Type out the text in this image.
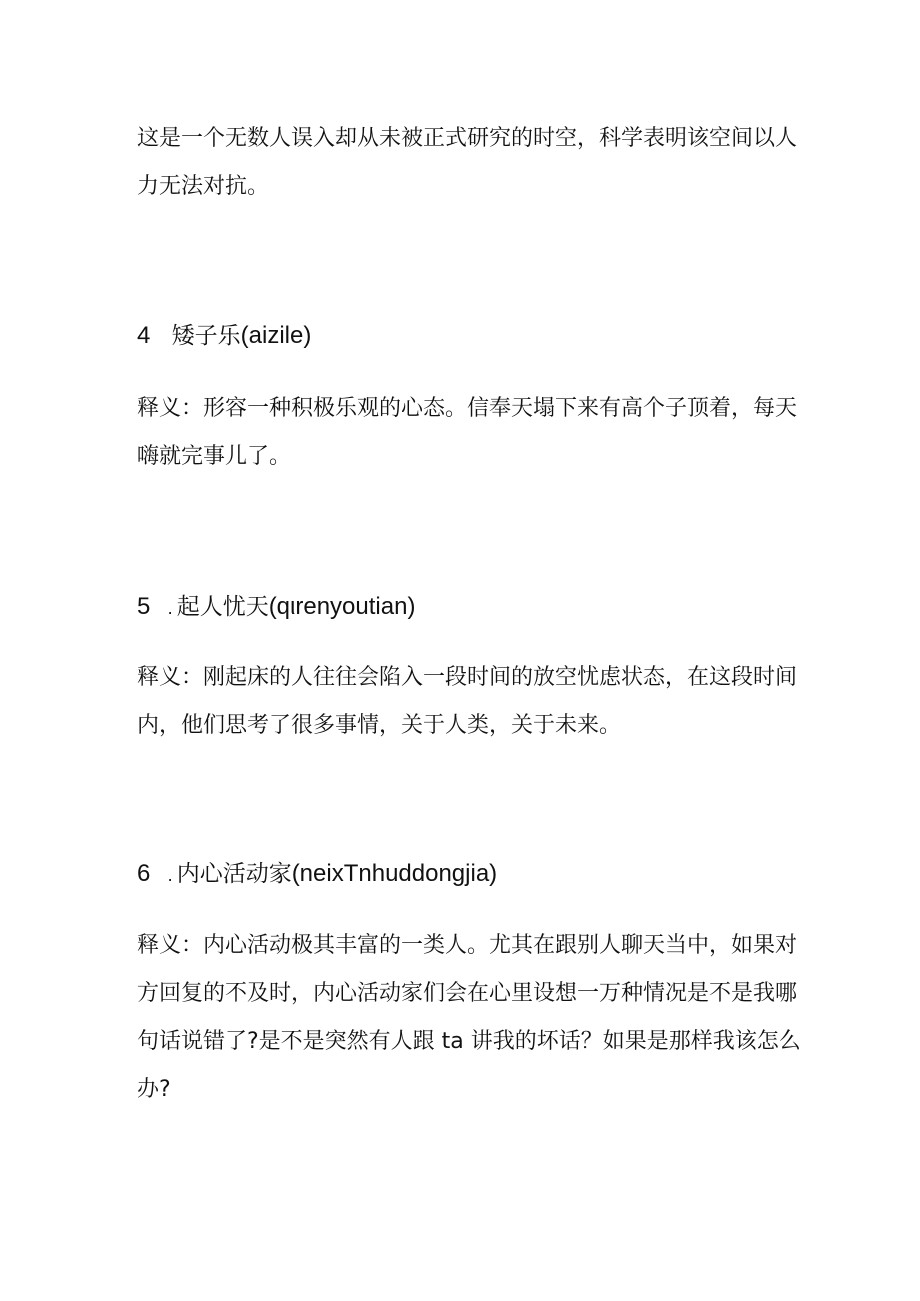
这是一个无数人误入却从未被正式研究的时空，科学表明该空间以人
力无法对抗。
4 矮子乐(aizile)
释义：形容一种积极乐观的心态。信奉天塌下来有高个子顶着，每天
嗨就完事儿了。
5 . 起人忧天(qιrenyoutian)
释义：刚起床的人往往会陷入一段时间的放空忧虑状态，在这段时间
内，他们思考了很多事情，关于人类，关于未来。
6 . 内心活动家(neixTnhuddongjia)
释义：内心活动极其丰富的一类人。尤其在跟别人聊天当中，如果对
方回复的不及时，内心活动家们会在心里设想一万种情况是不是我哪
句话说错了?是不是突然有人跟 ta 讲我的坏话？如果是那样我该怎么
办?
